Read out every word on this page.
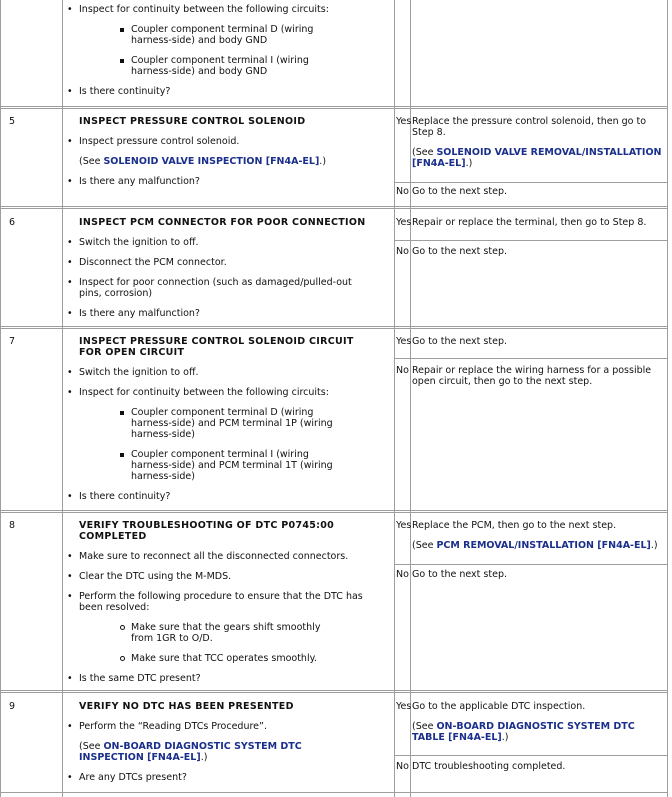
• Inspect for continuity between the following circuits:
Coupler component terminal D (wiring harness-side) and body GND
Coupler component terminal I (wiring harness-side) and body GND
• Is there continuity?
5	INSPECT PRESSURE CONTROL SOLENOID
• Inspect pressure control solenoid.
(See SOLENOID VALVE INSPECTION [FN4A-EL].)
• Is there any malfunction?
Yes Replace the pressure control solenoid, then go to Step 8.
(See SOLENOID VALVE REMOVAL/INSTALLATION [FN4A-EL].)
No Go to the next step.
6	INSPECT PCM CONNECTOR FOR POOR CONNECTION
• Switch the ignition to off.
• Disconnect the PCM connector.
• Inspect for poor connection (such as damaged/pulled-out pins, corrosion)
• Is there any malfunction?
Yes Repair or replace the terminal, then go to Step 8.
No Go to the next step.
7	INSPECT PRESSURE CONTROL SOLENOID CIRCUIT FOR OPEN CIRCUIT
• Switch the ignition to off.
• Inspect for continuity between the following circuits:
Coupler component terminal D (wiring harness-side) and PCM terminal 1P (wiring harness-side)
Coupler component terminal I (wiring harness-side) and PCM terminal 1T (wiring harness-side)
• Is there continuity?
Yes Go to the next step.
No Repair or replace the wiring harness for a possible open circuit, then go to the next step.
8	VERIFY TROUBLESHOOTING OF DTC P0745:00 COMPLETED
• Make sure to reconnect all the disconnected connectors.
• Clear the DTC using the M-MDS.
• Perform the following procedure to ensure that the DTC has been resolved:
Make sure that the gears shift smoothly from 1GR to O/D.
Make sure that TCC operates smoothly.
• Is the same DTC present?
Yes Replace the PCM, then go to the next step.
(See PCM REMOVAL/INSTALLATION [FN4A-EL].)
No Go to the next step.
9	VERIFY NO DTC HAS BEEN PRESENTED
• Perform the “Reading DTCs Procedure”.
(See ON-BOARD DIAGNOSTIC SYSTEM DTC INSPECTION [FN4A-EL].)
• Are any DTCs present?
Yes Go to the applicable DTC inspection.
(See ON-BOARD DIAGNOSTIC SYSTEM DTC TABLE [FN4A-EL].)
No DTC troubleshooting completed.
